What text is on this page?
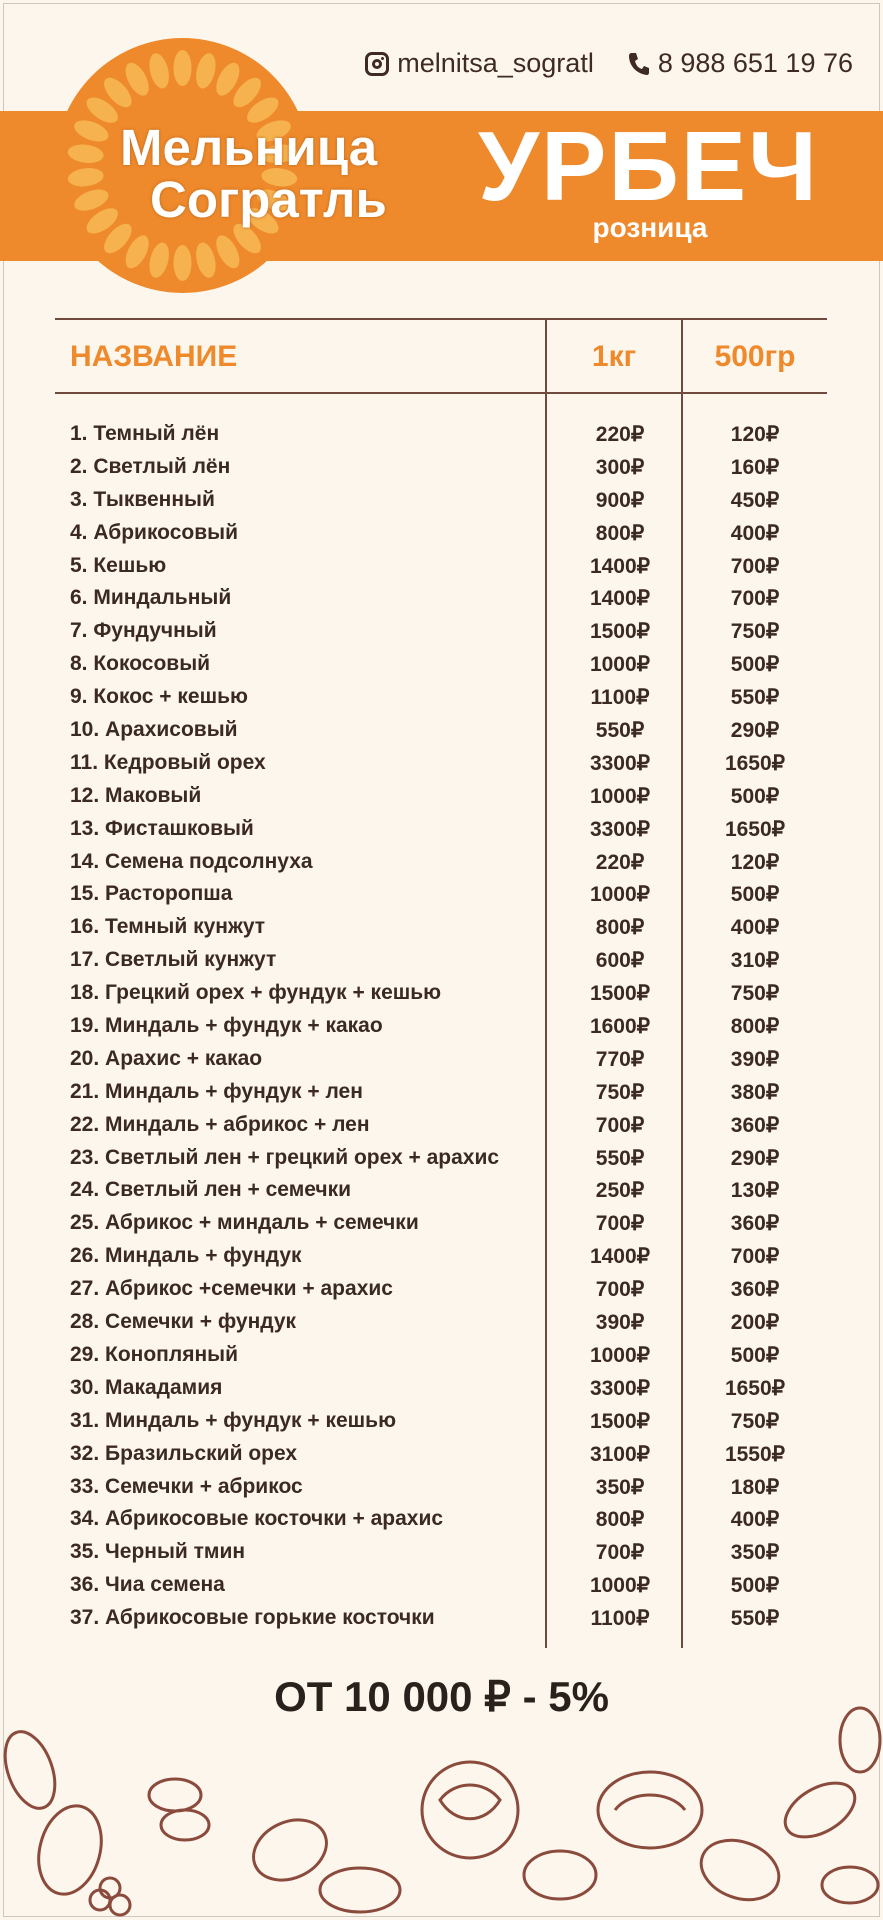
Мельница
Согратль
melnitsa_sogratl 8 988 651 19 76
УРБЕЧ
розница
НАЗВАНИЕ	1кг	500гр
1. Темный лён	220₽	120₽
2. Светлый лён	300₽	160₽
3. Тыквенный	900₽	450₽
4. Абрикосовый	800₽	400₽
5. Кешью	1400₽	700₽
6. Миндальный	1400₽	700₽
7. Фундучный	1500₽	750₽
8. Кокосовый	1000₽	500₽
9. Кокос + кешью	1100₽	550₽
10. Арахисовый	550₽	290₽
11. Кедровый орех	3300₽	1650₽
12. Маковый	1000₽	500₽
13. Фисташковый	3300₽	1650₽
14. Семена подсолнуха	220₽	120₽
15. Расторопша	1000₽	500₽
16. Темный кунжут	800₽	400₽
17. Светлый кунжут	600₽	310₽
18. Грецкий орех + фундук + кешью	1500₽	750₽
19. Миндаль + фундук + какао	1600₽	800₽
20. Арахис + какао	770₽	390₽
21. Миндаль + фундук + лен	750₽	380₽
22. Миндаль + абрикос + лен	700₽	360₽
23. Светлый лен + грецкий орех + арахис	550₽	290₽
24. Светлый лен + семечки	250₽	130₽
25. Абрикос + миндаль + семечки	700₽	360₽
26. Миндаль + фундук	1400₽	700₽
27. Абрикос +семечки + арахис	700₽	360₽
28. Семечки + фундук	390₽	200₽
29. Конопляный	1000₽	500₽
30. Макадамия	3300₽	1650₽
31. Миндаль + фундук + кешью	1500₽	750₽
32. Бразильский орех	3100₽	1550₽
33. Семечки + абрикос	350₽	180₽
34. Абрикосовые косточки + арахис	800₽	400₽
35. Черный тмин	700₽	350₽
36. Чиа семена	1000₽	500₽
37. Абрикосовые горькие косточки	1100₽	550₽
ОТ 10 000 ₽ - 5%
